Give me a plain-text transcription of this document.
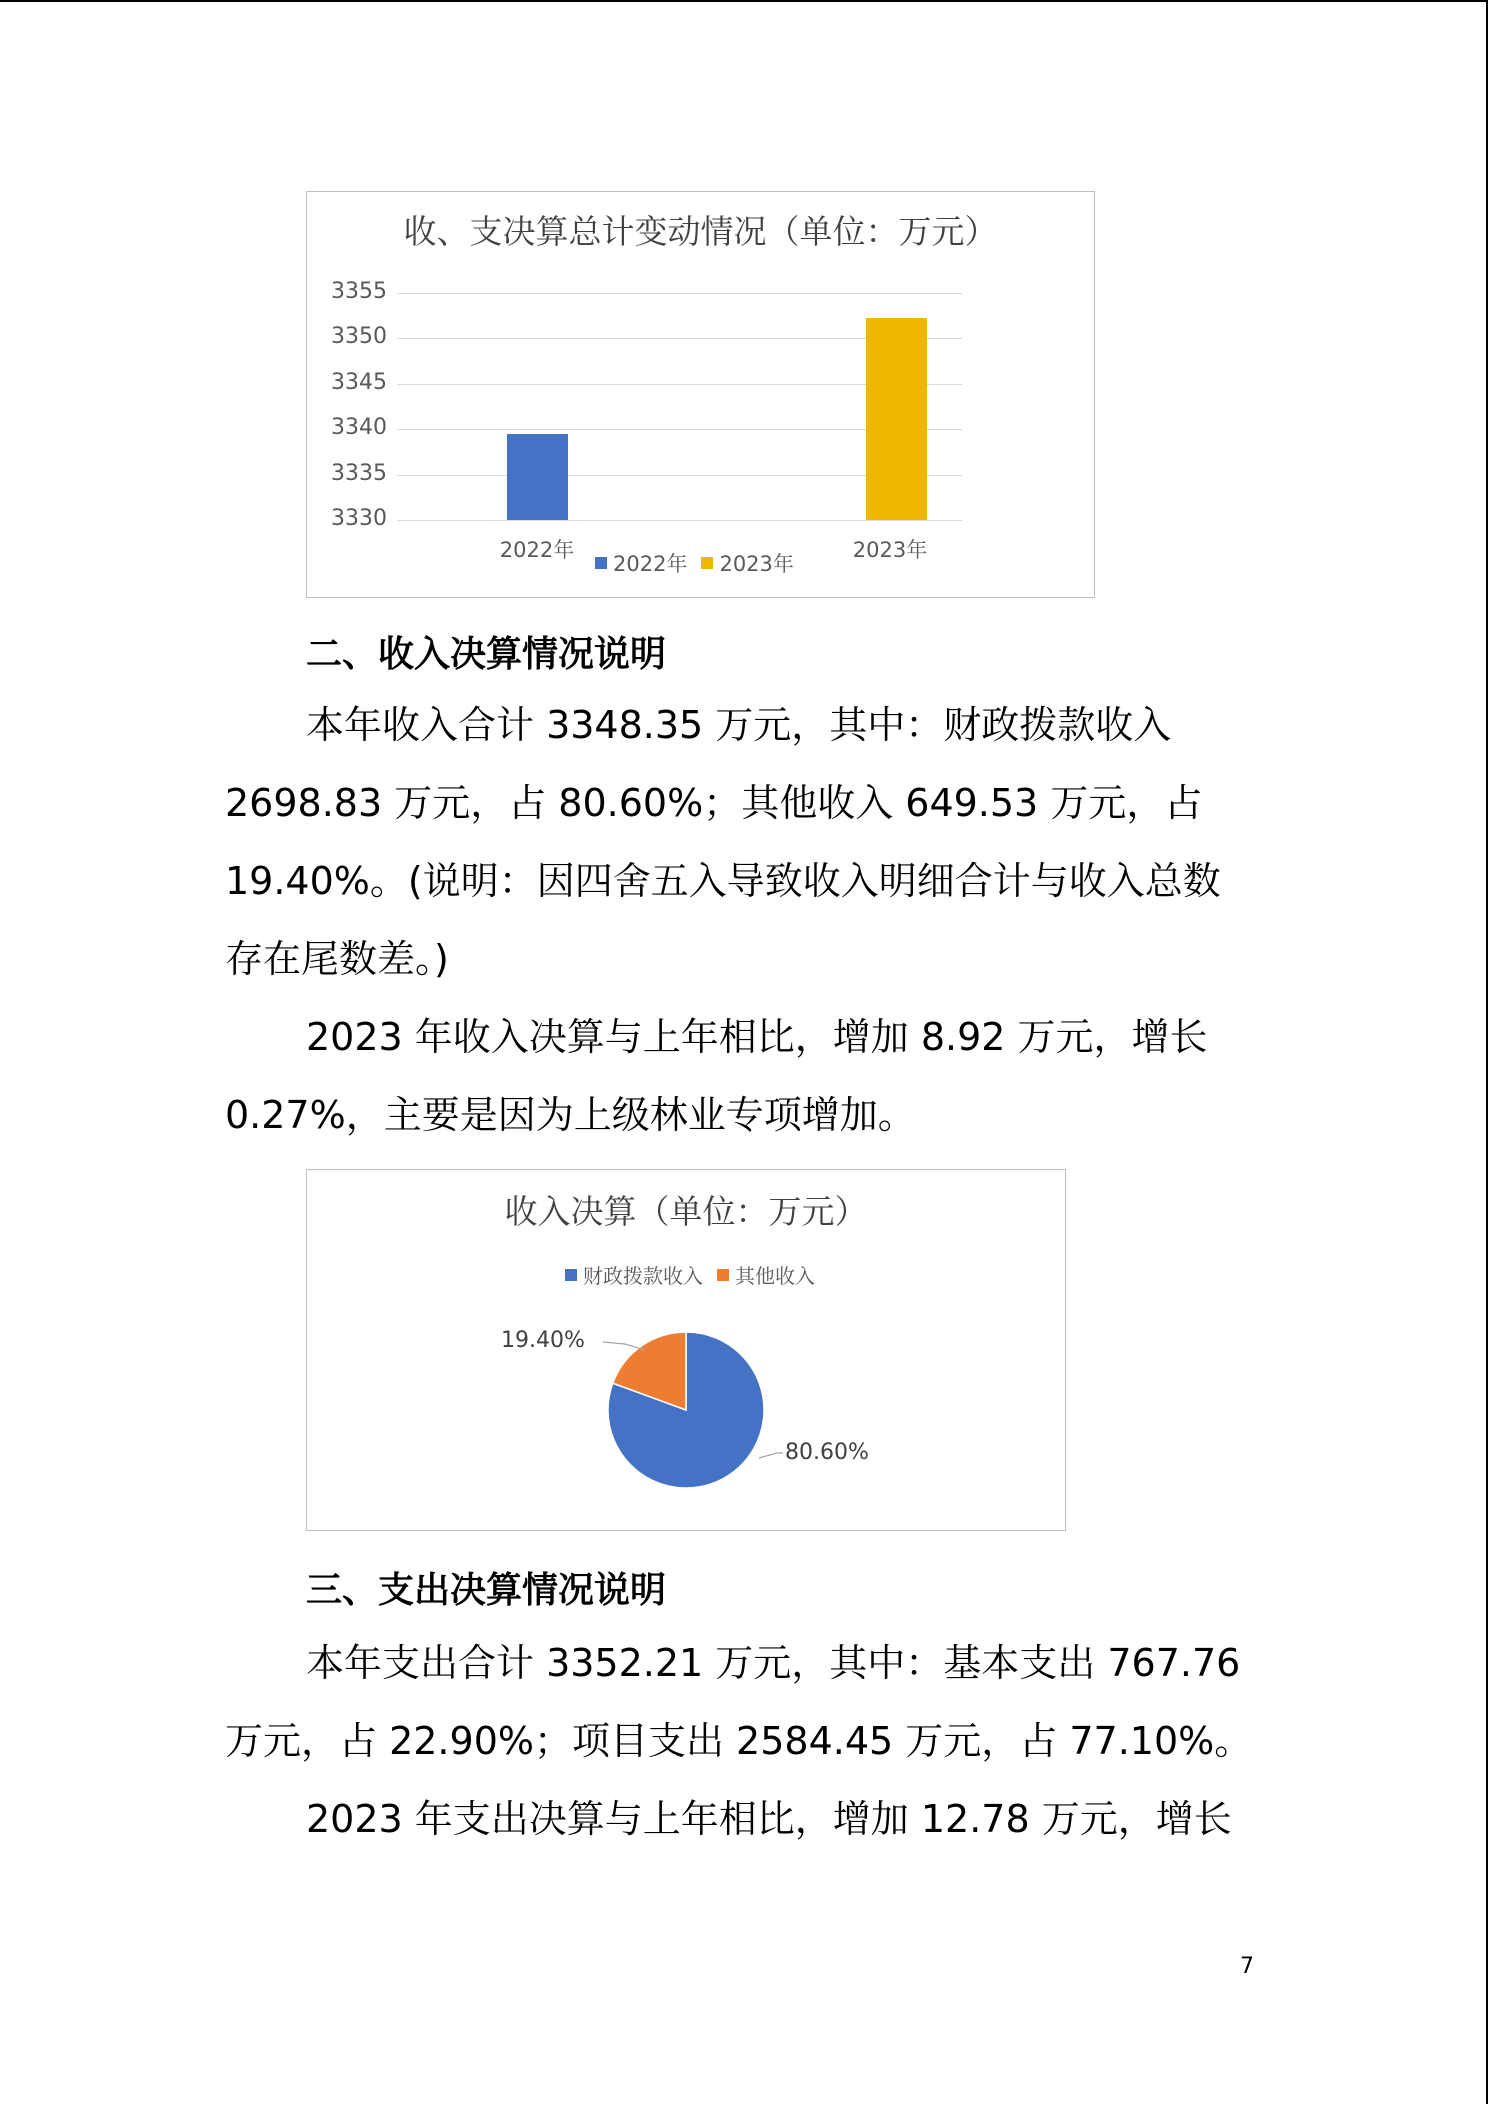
收、支决算总计变动情况（单位：万元）
2022年	2023年
2022年 2023年
3355
3350
3345
3340
3335
3330
二、收入决算情况说明

本年收入合计 3348.35 万元，其中：财政拨款收入

2698.83 万元，占 80.60%；其他收入 649.53 万元，占

19.40%。(说明：因四舍五入导致收入明细合计与收入总数

存在尾数差。)

2023 年收入决算与上年相比，增加 8.92 万元，增长

0.27%，主要是因为上级林业专项增加。

收入决算（单位：万元）
财政拨款收入 其他收入
19.40%
80.60%
三、支出决算情况说明

本年支出合计 3352.21 万元，其中：基本支出 767.76

万元，占 22.90%；项目支出 2584.45 万元，占 77.10%。

2023 年支出决算与上年相比，增加 12.78 万元，增长

7
